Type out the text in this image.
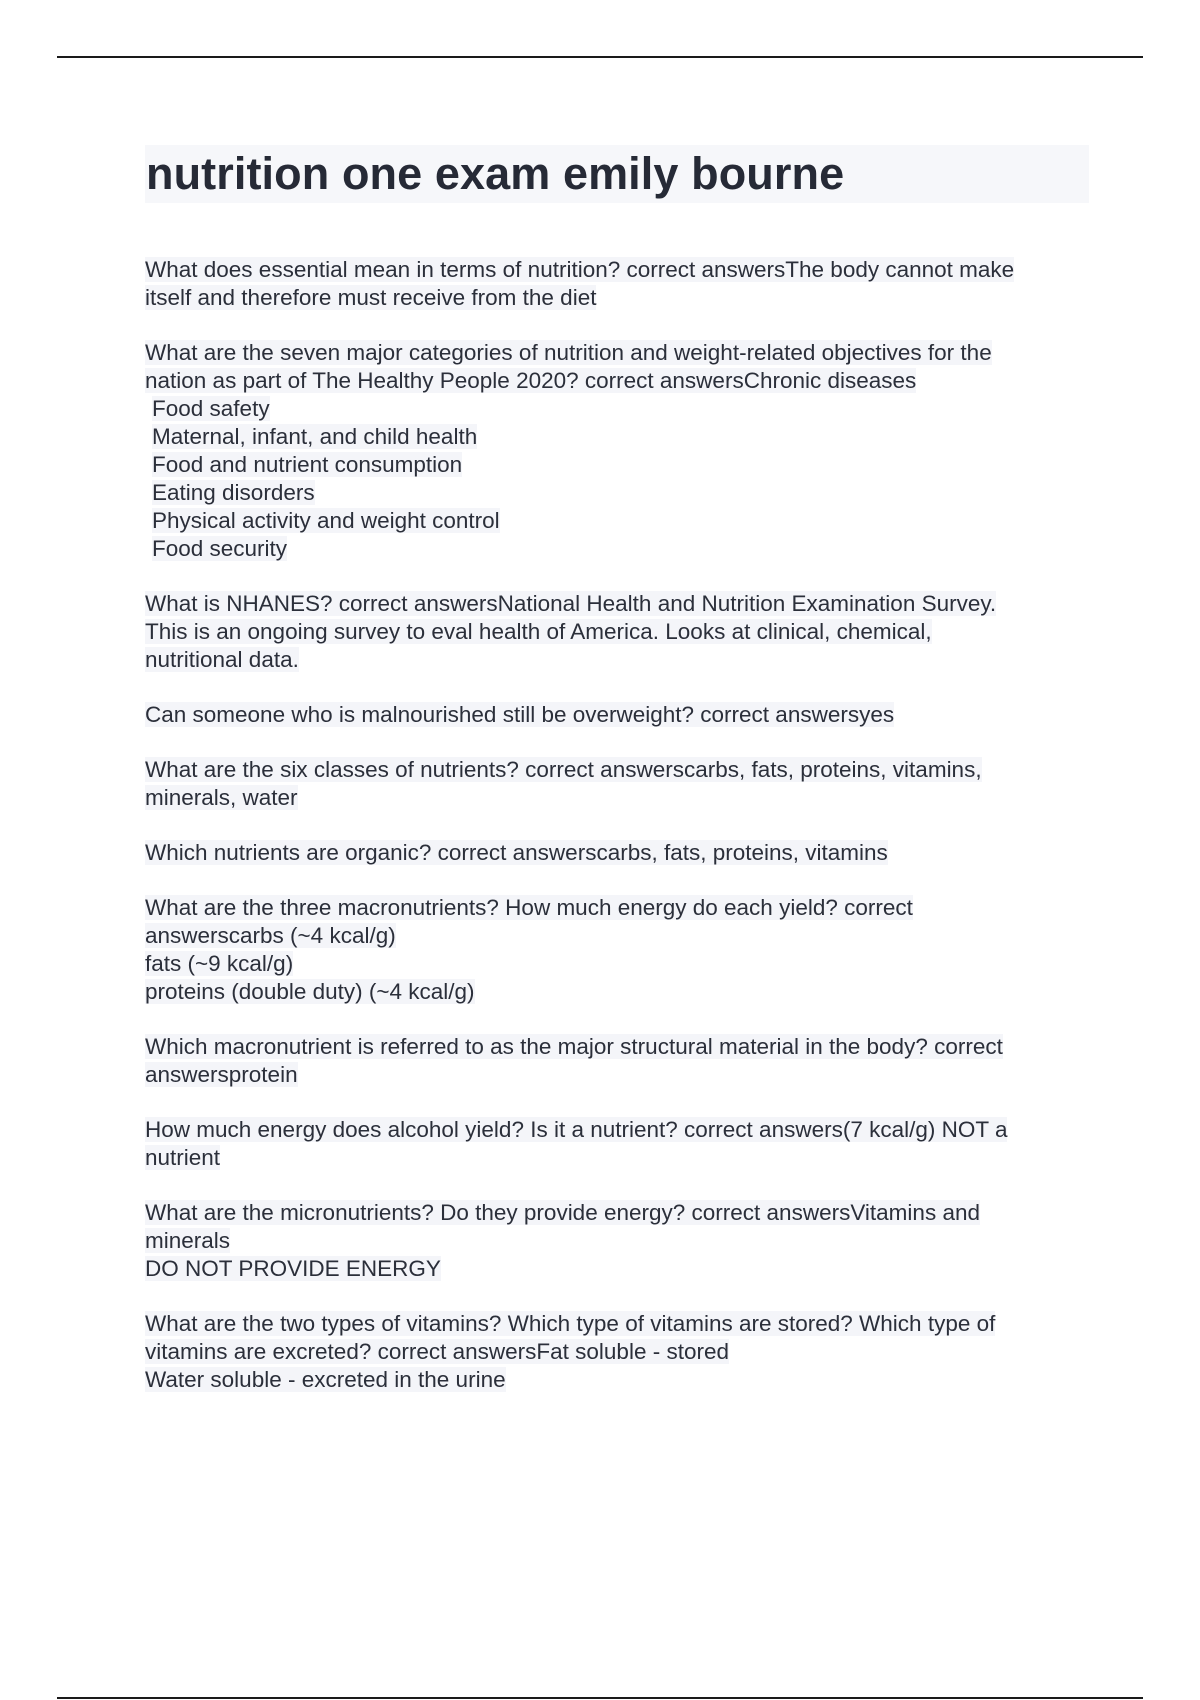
nutrition one exam emily bourne
What does essential mean in terms of nutrition? correct answersThe body cannot make
itself and therefore must receive from the diet
What are the seven major categories of nutrition and weight-related objectives for the
nation as part of The Healthy People 2020? correct answersChronic diseases
Food safety
Maternal, infant, and child health
Food and nutrient consumption
Eating disorders
Physical activity and weight control
Food security
What is NHANES? correct answersNational Health and Nutrition Examination Survey.
This is an ongoing survey to eval health of America. Looks at clinical, chemical,
nutritional data.
Can someone who is malnourished still be overweight? correct answersyes
What are the six classes of nutrients? correct answerscarbs, fats, proteins, vitamins,
minerals, water
Which nutrients are organic? correct answerscarbs, fats, proteins, vitamins
What are the three macronutrients? How much energy do each yield? correct
answerscarbs (~4 kcal/g)
fats (~9 kcal/g)
proteins (double duty) (~4 kcal/g)
Which macronutrient is referred to as the major structural material in the body? correct
answersprotein
How much energy does alcohol yield? Is it a nutrient? correct answers(7 kcal/g) NOT a
nutrient
What are the micronutrients? Do they provide energy? correct answersVitamins and
minerals
DO NOT PROVIDE ENERGY
What are the two types of vitamins? Which type of vitamins are stored? Which type of
vitamins are excreted? correct answersFat soluble - stored
Water soluble - excreted in the urine
